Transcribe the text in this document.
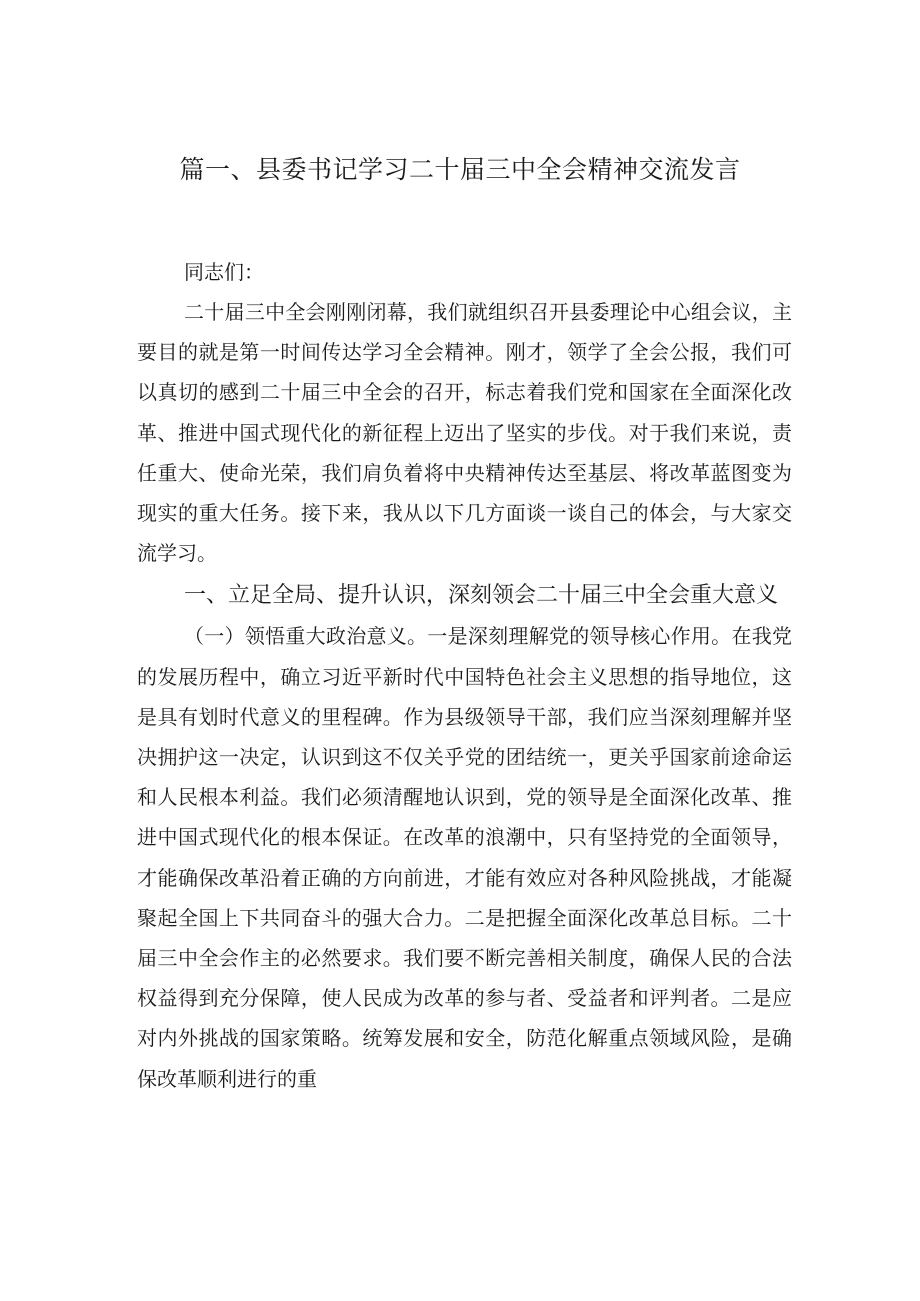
篇一、县委书记学习二十届三中全会精神交流发言

同志们：

二十届三中全会刚刚闭幕，我们就组织召开县委理论中心组会议，主要目的就是第一时间传达学习全会精神。刚才，领学了全会公报，我们可以真切的感到二十届三中全会的召开，标志着我们党和国家在全面深化改革、推进中国式现代化的新征程上迈出了坚实的步伐。对于我们来说，责任重大、使命光荣，我们肩负着将中央精神传达至基层、将改革蓝图变为现实的重大任务。接下来，我从以下几方面谈一谈自己的体会，与大家交流学习。

一、立足全局、提升认识，深刻领会二十届三中全会重大意义

（一）领悟重大政治意义。一是深刻理解党的领导核心作用。在我党的发展历程中，确立习近平新时代中国特色社会主义思想的指导地位，这是具有划时代意义的里程碑。作为县级领导干部，我们应当深刻理解并坚决拥护这一决定，认识到这不仅关乎党的团结统一，更关乎国家前途命运和人民根本利益。我们必须清醒地认识到，党的领导是全面深化改革、推进中国式现代化的根本保证。在改革的浪潮中，只有坚持党的全面领导，才能确保改革沿着正确的方向前进，才能有效应对各种风险挑战，才能凝聚起全国上下共同奋斗的强大合力。二是把握全面深化改革总目标。二十届三中全会作主的必然要求。我们要不断完善相关制度，确保人民的合法权益得到充分保障，使人民成为改革的参与者、受益者和评判者。二是应对内外挑战的国家策略。统筹发展和安全，防范化解重点领域风险，是确保改革顺利进行的重
